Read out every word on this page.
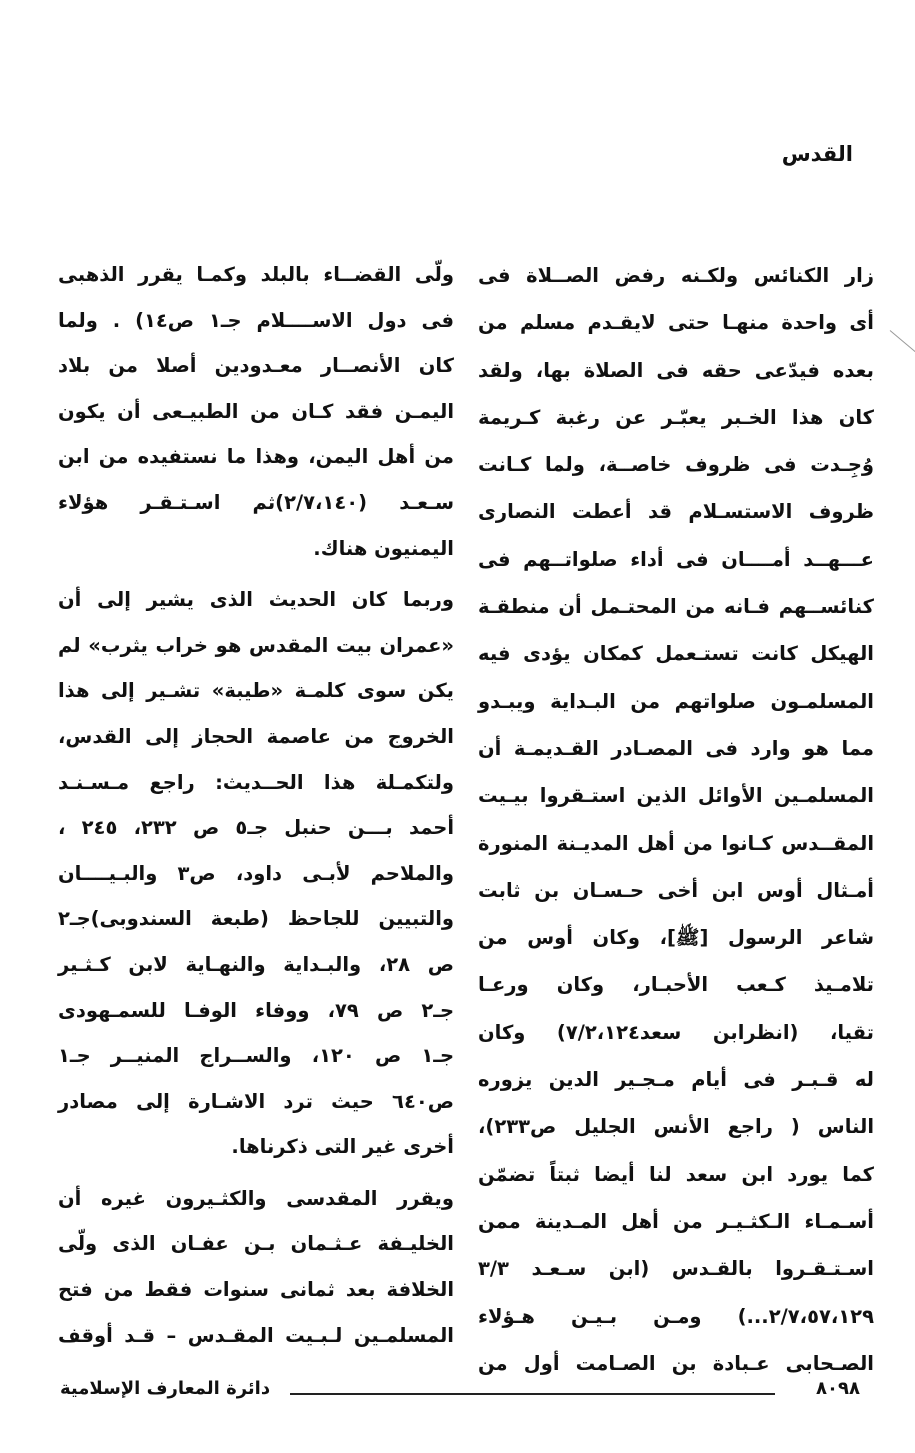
القدس
زار الكنائس ولكـنه رفض الصــلاة فى
أى واحدة منهـا حتى لايقـدم مسلم من
بعده فيدّعى حقه فى الصلاة بها، ولقد
كان هذا الخـبر يعبّـر عن رغبة كـريمة
وُجِـدت فى ظروف خاصــة، ولما كـانت
ظروف الاستسـلام قد أعطت النصارى
عـــهــد أمــــان فى أداء صلواتــهم فى
كنائســهم فـانه من المحتـمل أن منطقـة
الهيكل كانت تستـعمل كمكان يؤدى فيه
المسلمـون صلواتهم من البـداية ويبـدو
مما هو وارد فى المصـادر القـديمـة أن
المسلمـين الأوائل الذين استـقروا بيـيت
المقــدس كـانوا من أهل المديـنة المنورة
أمـثال أوس ابن أخى حـسـان بن ثابت
شاعر الرسول [ﷺ]، وكان أوس من
تلامـيذ كـعب الأحبـار، وكان ورعـا
تقيا، (انظرابن سعد٧/٢،١٢٤) وكان
له قـبـر فى أيام مـجـير الدين يزوره
الناس ( راجع الأنس الجليل ص٢٣٣)،
كما يورد ابن سعد لنا أيضا ثبتاً تضمّن
أسـمـاء الـكثـيـر من أهل المـدينة ممن
اسـتـقـروا بالقـدس (ابن سـعـد ٣/٣
٢/٧،٥٧،١٢٩...) ومـن بـيـن هـؤلاء
الصـحابى عـبادة بن الصـامت أول من
ولّى القضــاء بالبلد وكمـا يقرر الذهبى
فى دول الاســــلام جـ١ ص١٤) . ولما
كان الأنصــار معـدودين أصلا من بلاد
اليمـن فقد كـان من الطبيـعى أن يكون
من أهل اليمن، وهذا ما نستفيده من ابن
سـعـد (٢/٧،١٤٠)ثم اسـتـقـر هؤلاء
اليمنيون هناك.
وربما كان الحديث الذى يشير إلى أن
«عمران بيت المقدس هو خراب يثرب» لم
يكن سوى كلمـة «طيبة» تشـير إلى هذا
الخروج من عاصمة الحجاز إلى القدس،
ولتكمـلة هذا الحــديث: راجع مـسـنـد
أحمد بـــن حنبل جـ٥ ص ٢٣٢، ٢٤٥ ،
والملاحم لأبـى داود، ص٣ والبـيــــان
والتبيين للجاحظ (طبعة السندوبى)جـ٢
ص ٢٨، والبـداية والنهـاية لابن كـثـير
جـ٢ ص ٧٩، ووفاء الوفـا للسمـهودى
جـ١ ص ١٢٠، والســراج المنيــر جـ١
ص٦٤٠ حيث ترد الاشـارة إلى مصادر
أخرى غير التى ذكرناها.
ويقرر المقدسى والكثـيرون غيره أن
الخليـفة عـثـمان بـن عفـان الذى ولّى
الخلافة بعد ثمانى سنوات فقط من فتح
المسلمـين لـبـيت المقـدس – قـد أوقف
٨٠٩٨
دائرة المعارف الإسلامية
